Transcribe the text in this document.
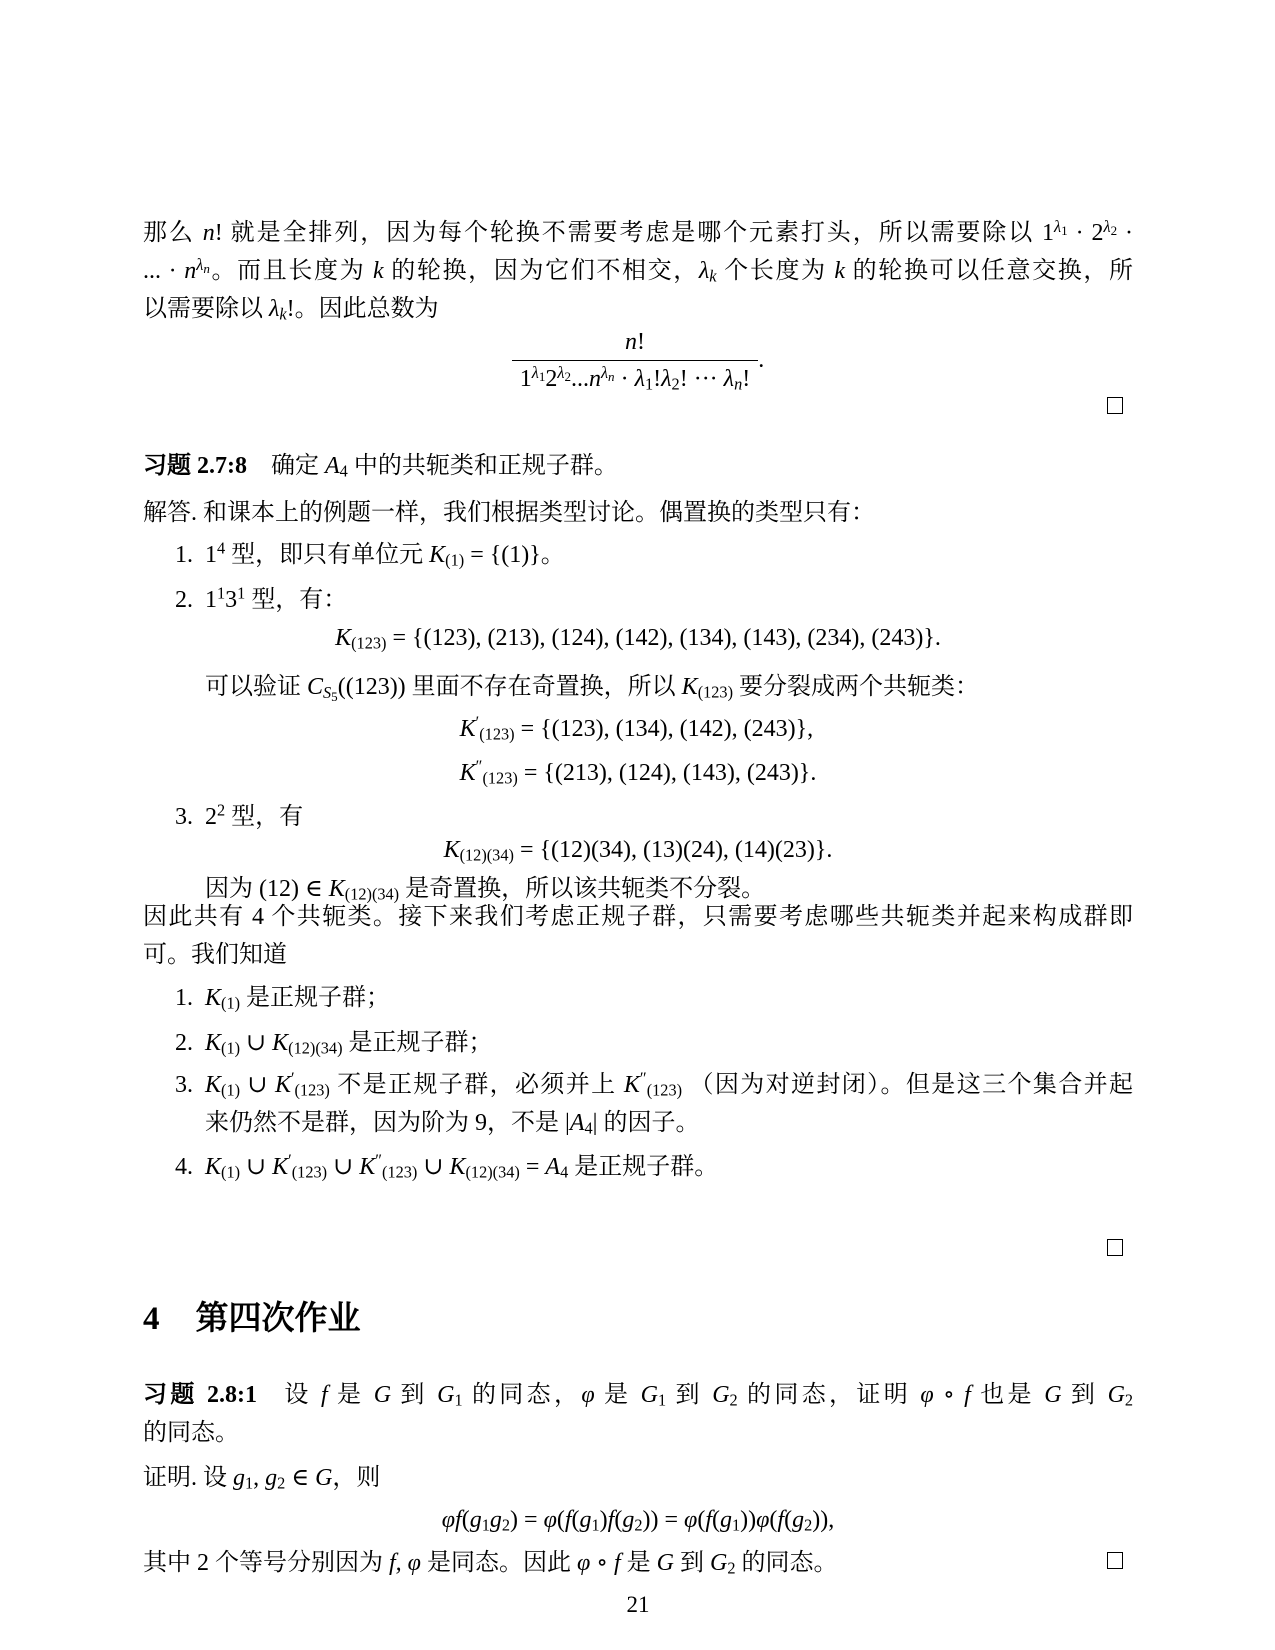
那么 n! 就是全排列，因为每个轮换不需要考虑是哪个元素打头，所以需要除以 $1^{\lambda_1} \cdot 2^{\lambda_2}$ ·
... · $n^{\lambda_n}$。而且长度为 k 的轮换，因为它们不相交，$\lambda_k$ 个长度为 k 的轮换可以任意交换，所
以需要除以 $\lambda_k$!。因此总数为
$\frac{n!}{1^{\lambda_1}2^{\lambda_2}...n^{\lambda_n} \cdot \lambda_1!\lambda_2! \cdot\cdot\cdot \lambda_n!}$ .
习题 2.7:8 确定 $A_4$ 中的共轭类和正规子群。
解答. 和课本上的例题一样，我们根据类型讨论。偶置换的类型只有：
1. $1^4$ 型，即只有单位元 $K_{(1)} = \{(1)\}$。
2. $1^13^1$ 型，有：
$K_{(123)} = \{(123)$, (213), (124), (142), (134), (143), (234), (243)}.
可以验证 $C_{S_5}((123))$ 里面不存在奇置换，所以 $K_{(123)}$ 要分裂成两个共轭类：
$K'_{(123)} = \{(123)$, (134), (142), (243)},
$K''_{(123)} = \{(213)$, (124), (143), (243)}.
3. $2^2$ 型，有
$K_{(12)(34)} = \{(12)(34)$, (13)(24), (14)(23)}.
因为 (12) ∈ $K_{(12)(34)}$ 是奇置换，所以该共轭类不分裂。
因此共有 4 个共轭类。接下来我们考虑正规子群，只需要考虑哪些共轭类并起来构成群即
可。我们知道
1. $K_{(1)}$ 是正规子群；
2. $K_{(1)}$ ∪ $K_{(12)(34)}$ 是正规子群；
3. $K_{(1)}$ ∪ $K'_{(123)}$ 不是正规子群，必须并上 $K''_{(123)}$ （因为对逆封闭）。但是这三个集合并起
来仍然不是群，因为阶为 9，不是 $|A_4|$ 的因子。
4. $K_{(1)}$ ∪ $K'_{(123)}$ ∪ $K''_{(123)}$ ∪ $K_{(12)(34)} = A_4$ 是正规子群。
4 第四次作业
习题 2.8:1 设 f 是 G 到 $G_1$ 的同态，φ 是 $G_1$ 到 $G_2$ 的同态，证明 φ ∘ f 也是 G 到 $G_2$
的同态。
证明. 设 $g_1$, $g_2$ ∈ G，则
$\varphi f(g_1g_2) = \varphi(f(g_1)f(g_2)) = \varphi(f(g_1))\varphi(f(g_2))$,
其中 2 个等号分别因为 f, φ 是同态。因此 φ ∘ f 是 G 到 $G_2$ 的同态。
21
